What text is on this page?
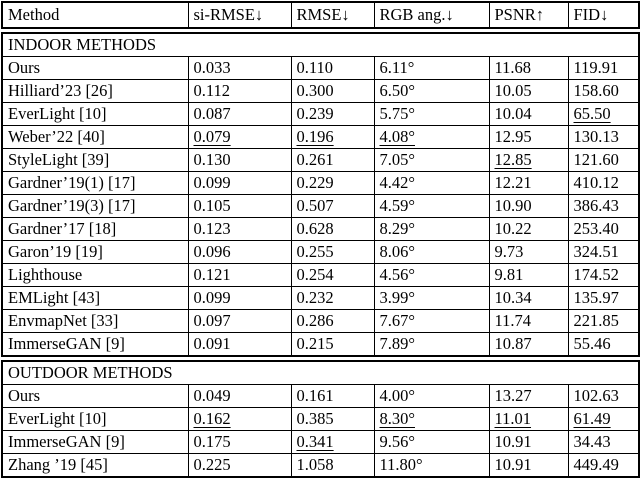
Method	si-RMSE↓	RMSE↓	RGB ang.↓	PSNR↑	FID↓
INDOOR METHODS					
Ours	0.033	0.110	6.11°	11.68	119.91
Hilliard’23 [26]	0.112	0.300	6.50°	10.05	158.60
EverLight [10]	0.087	0.239	5.75°	10.04	65.50
Weber’22 [40]	0.079	0.196	4.08°	12.95	130.13
StyleLight [39]	0.130	0.261	7.05°	12.85	121.60
Gardner’19(1) [17]	0.099	0.229	4.42°	12.21	410.12
Gardner’19(3) [17]	0.105	0.507	4.59°	10.90	386.43
Gardner’17 [18]	0.123	0.628	8.29°	10.22	253.40
Garon’19 [19]	0.096	0.255	8.06°	9.73	324.51
Lighthouse	0.121	0.254	4.56°	9.81	174.52
EMLight [43]	0.099	0.232	3.99°	10.34	135.97
EnvmapNet [33]	0.097	0.286	7.67°	11.74	221.85
ImmerseGAN [9]	0.091	0.215	7.89°	10.87	55.46
OUTDOOR METHODS					
Ours	0.049	0.161	4.00°	13.27	102.63
EverLight [10]	0.162	0.385	8.30°	11.01	61.49
ImmerseGAN [9]	0.175	0.341	9.56°	10.91	34.43
Zhang ’19 [45]	0.225	1.058	11.80°	10.91	449.49
